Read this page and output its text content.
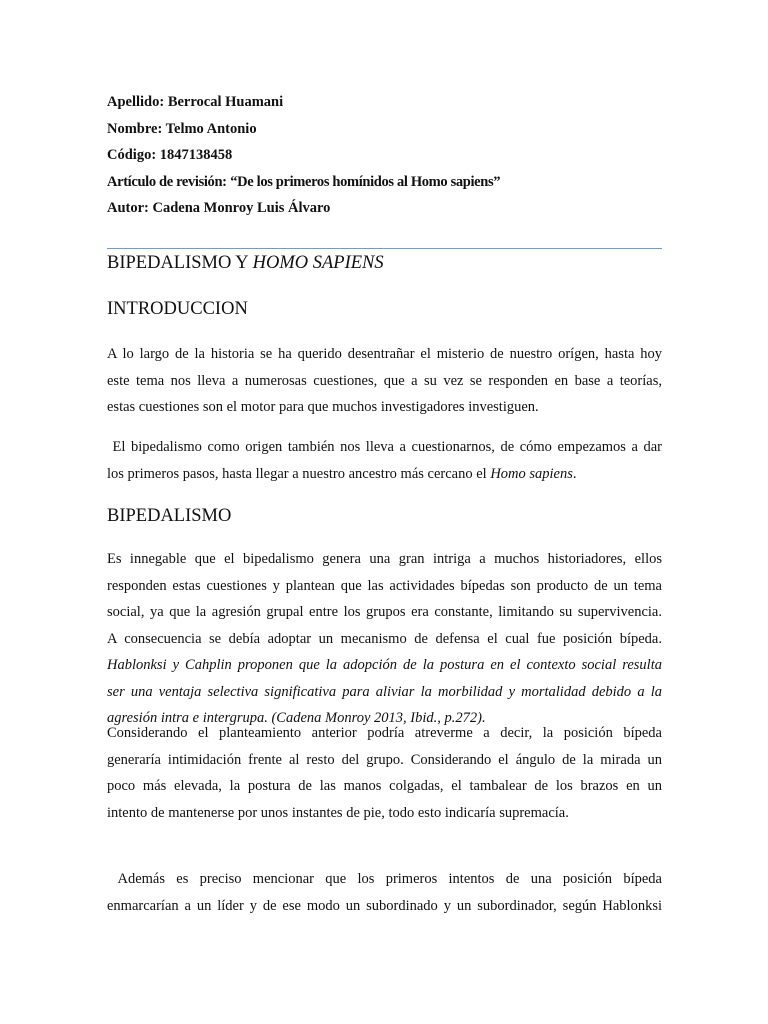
Apellido: Berrocal Huamani
Nombre: Telmo Antonio
Código: 1847138458
Artículo de revisión: “De los primeros homínidos al Homo sapiens”
Autor: Cadena Monroy Luis Álvaro
BIPEDALISMO Y HOMO SAPIENS
INTRODUCCION
A lo largo de la historia se ha querido desentrañar el misterio de nuestro orígen, hasta hoy
este tema nos lleva a numerosas cuestiones, que a su vez se responden en base a teorías,
estas cuestiones son el motor para que muchos investigadores investiguen.
El bipedalismo como origen también nos lleva a cuestionarnos, de cómo empezamos a dar
los primeros pasos, hasta llegar a nuestro ancestro más cercano el Homo sapiens.
BIPEDALISMO
Es innegable que el bipedalismo genera una gran intriga a muchos historiadores, ellos
responden estas cuestiones y plantean que las actividades bípedas son producto de un tema
social, ya que la agresión grupal entre los grupos era constante, limitando su supervivencia.
A consecuencia se debía adoptar un mecanismo de defensa el cual fue posición bípeda.
Hablonksi y Cahplin proponen que la adopción de la postura en el contexto social resulta
ser una ventaja selectiva significativa para aliviar la morbilidad y mortalidad debido a la
agresión intra e intergrupa. (Cadena Monroy 2013, Ibid., p.272).
Considerando el planteamiento anterior podría atreverme a decir, la posición bípeda
generaría intimidación frente al resto del grupo. Considerando el ángulo de la mirada un
poco más elevada, la postura de las manos colgadas, el tambalear de los brazos en un
intento de mantenerse por unos instantes de pie, todo esto indicaría supremacía.
Además es preciso mencionar que los primeros intentos de una posición bípeda
enmarcarían a un líder y de ese modo un subordinado y un subordinador, según Hablonksi
